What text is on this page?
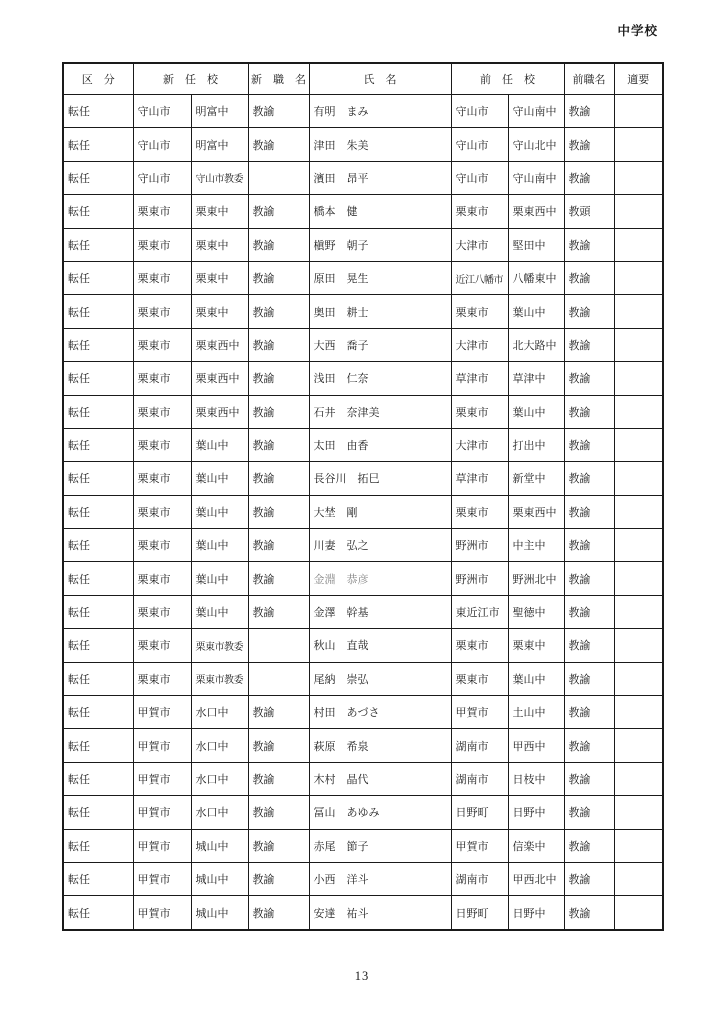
中学校
区　分	新　任　校		新　職　名	氏　名	前　任　校		前職名	適要
転任	守山市	明富中	教諭	有明　まみ	守山市	守山南中	教諭	
転任	守山市	明富中	教諭	津田　朱美	守山市	守山北中	教諭	
転任	守山市	守山市教委		濱田　昂平	守山市	守山南中	教諭	
転任	栗東市	栗東中	教諭	橋本　健	栗東市	栗東西中	教頭	
転任	栗東市	栗東中	教諭	槇野　朝子	大津市	堅田中	教諭	
転任	栗東市	栗東中	教諭	原田　晃生	近江八幡市	八幡東中	教諭	
転任	栗東市	栗東中	教諭	奥田　耕士	栗東市	葉山中	教諭	
転任	栗東市	栗東西中	教諭	大西　喬子	大津市	北大路中	教諭	
転任	栗東市	栗東西中	教諭	浅田　仁奈	草津市	草津中	教諭	
転任	栗東市	栗東西中	教諭	石井　奈津美	栗東市	葉山中	教諭	
転任	栗東市	葉山中	教諭	太田　由香	大津市	打出中	教諭	
転任	栗東市	葉山中	教諭	長谷川　拓巳	草津市	新堂中	教諭	
転任	栗東市	葉山中	教諭	大埜　剛	栗東市	栗東西中	教諭	
転任	栗東市	葉山中	教諭	川妻　弘之	野洲市	中主中	教諭	
転任	栗東市	葉山中	教諭	金淵　恭彦	野洲市	野洲北中	教諭	
転任	栗東市	葉山中	教諭	金澤　幹基	東近江市	聖徳中	教諭	
転任	栗東市	栗東市教委		秋山　直哉	栗東市	栗東中	教諭	
転任	栗東市	栗東市教委		尾納　崇弘	栗東市	葉山中	教諭	
転任	甲賀市	水口中	教諭	村田　あづさ	甲賀市	土山中	教諭	
転任	甲賀市	水口中	教諭	萩原　希泉	湖南市	甲西中	教諭	
転任	甲賀市	水口中	教諭	木村　晶代	湖南市	日枝中	教諭	
転任	甲賀市	水口中	教諭	冨山　あゆみ	日野町	日野中	教諭	
転任	甲賀市	城山中	教諭	赤尾　節子	甲賀市	信楽中	教諭	
転任	甲賀市	城山中	教諭	小西　洋斗	湖南市	甲西北中	教諭	
転任	甲賀市	城山中	教諭	安達　祐斗	日野町	日野中	教諭	
13
